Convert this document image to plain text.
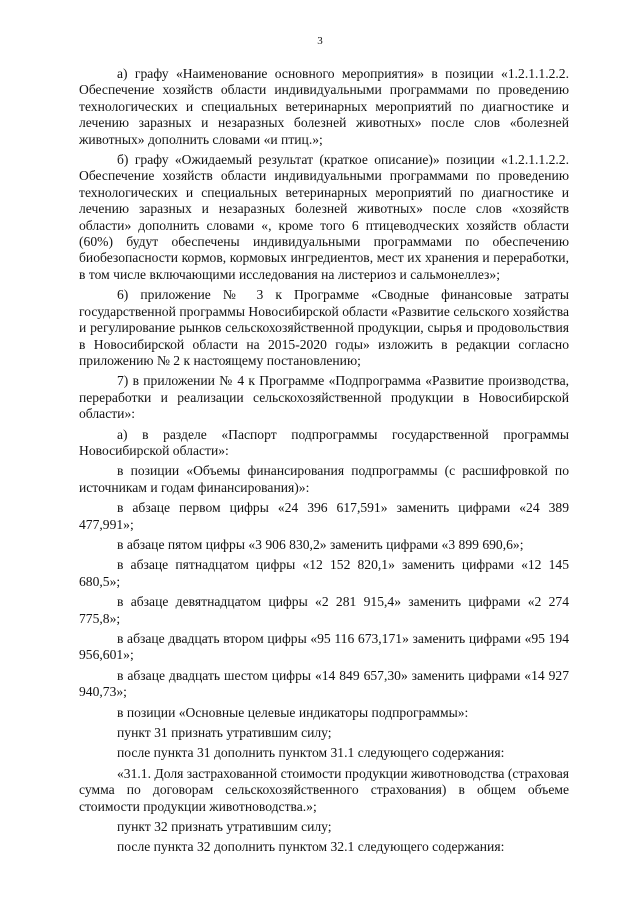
3

а) графу «Наименование основного мероприятия» в позиции «1.2.1.1.2.2. Обеспечение хозяйств области индивидуальными программами по проведению технологических и специальных ветеринарных мероприятий по диагностике и лечению заразных и незаразных болезней животных» после слов «болезней животных» дополнить словами «и птиц.»;

б) графу «Ожидаемый результат (краткое описание)» позиции «1.2.1.1.2.2. Обеспечение хозяйств области индивидуальными программами по проведению технологических и специальных ветеринарных мероприятий по диагностике и лечению заразных и незаразных болезней животных» после слов «хозяйств области» дополнить словами «, кроме того 6 птицеводческих хозяйств области (60%) будут обеспечены индивидуальными программами по обеспечению биобезопасности кормов, кормовых ингредиентов, мест их хранения и переработки, в том числе включающими исследования на листериоз и сальмонеллез»;

6) приложение № 3 к Программе «Сводные финансовые затраты государственной программы Новосибирской области «Развитие сельского хозяйства и регулирование рынков сельскохозяйственной продукции, сырья и продовольствия в Новосибирской области на 2015-2020 годы» изложить в редакции согласно приложению № 2 к настоящему постановлению;

7) в приложении № 4 к Программе «Подпрограмма «Развитие производства, переработки и реализации сельскохозяйственной продукции в Новосибирской области»:

а) в разделе «Паспорт подпрограммы государственной программы Новосибирской области»:

в позиции «Объемы финансирования подпрограммы (с расшифровкой по источникам и годам финансирования)»:

в абзаце первом цифры «24 396 617,591» заменить цифрами «24 389 477,991»;

в абзаце пятом цифры «3 906 830,2» заменить цифрами «3 899 690,6»;

в абзаце пятнадцатом цифры «12 152 820,1» заменить цифрами «12 145 680,5»;

в абзаце девятнадцатом цифры «2 281 915,4» заменить цифрами «2 274 775,8»;

в абзаце двадцать втором цифры «95 116 673,171» заменить цифрами «95 194 956,601»;

в абзаце двадцать шестом цифры «14 849 657,30» заменить цифрами «14 927 940,73»;

в позиции «Основные целевые индикаторы подпрограммы»:

пункт 31 признать утратившим силу;

после пункта 31 дополнить пунктом 31.1 следующего содержания:

«31.1. Доля застрахованной стоимости продукции животноводства (страховая сумма по договорам сельскохозяйственного страхования) в общем объеме стоимости продукции животноводства.»;

пункт 32 признать утратившим силу;

после пункта 32 дополнить пунктом 32.1 следующего содержания:
